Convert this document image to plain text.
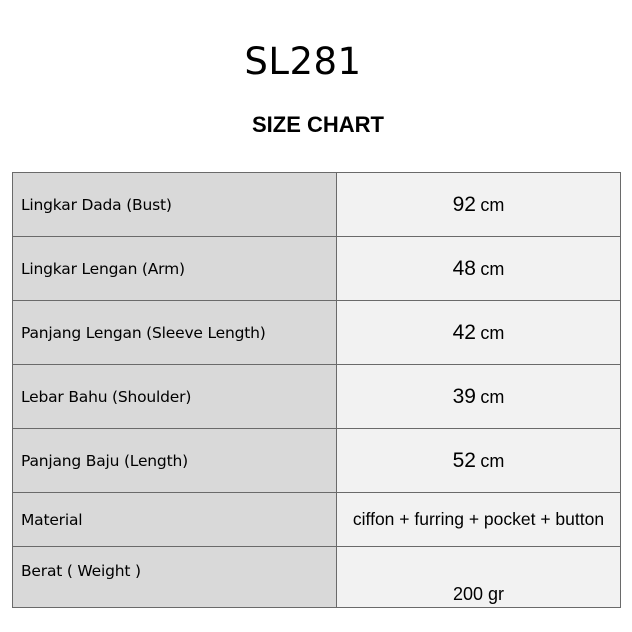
SL281
SIZE CHART
Lingkar Dada (Bust)	92 cm
Lingkar Lengan (Arm)	48 cm
Panjang Lengan (Sleeve Length)	42 cm
Lebar Bahu (Shoulder)	39 cm
Panjang Baju (Length)	52 cm
Material	ciffon + furring + pocket + button
Berat ( Weight )	200 gr
